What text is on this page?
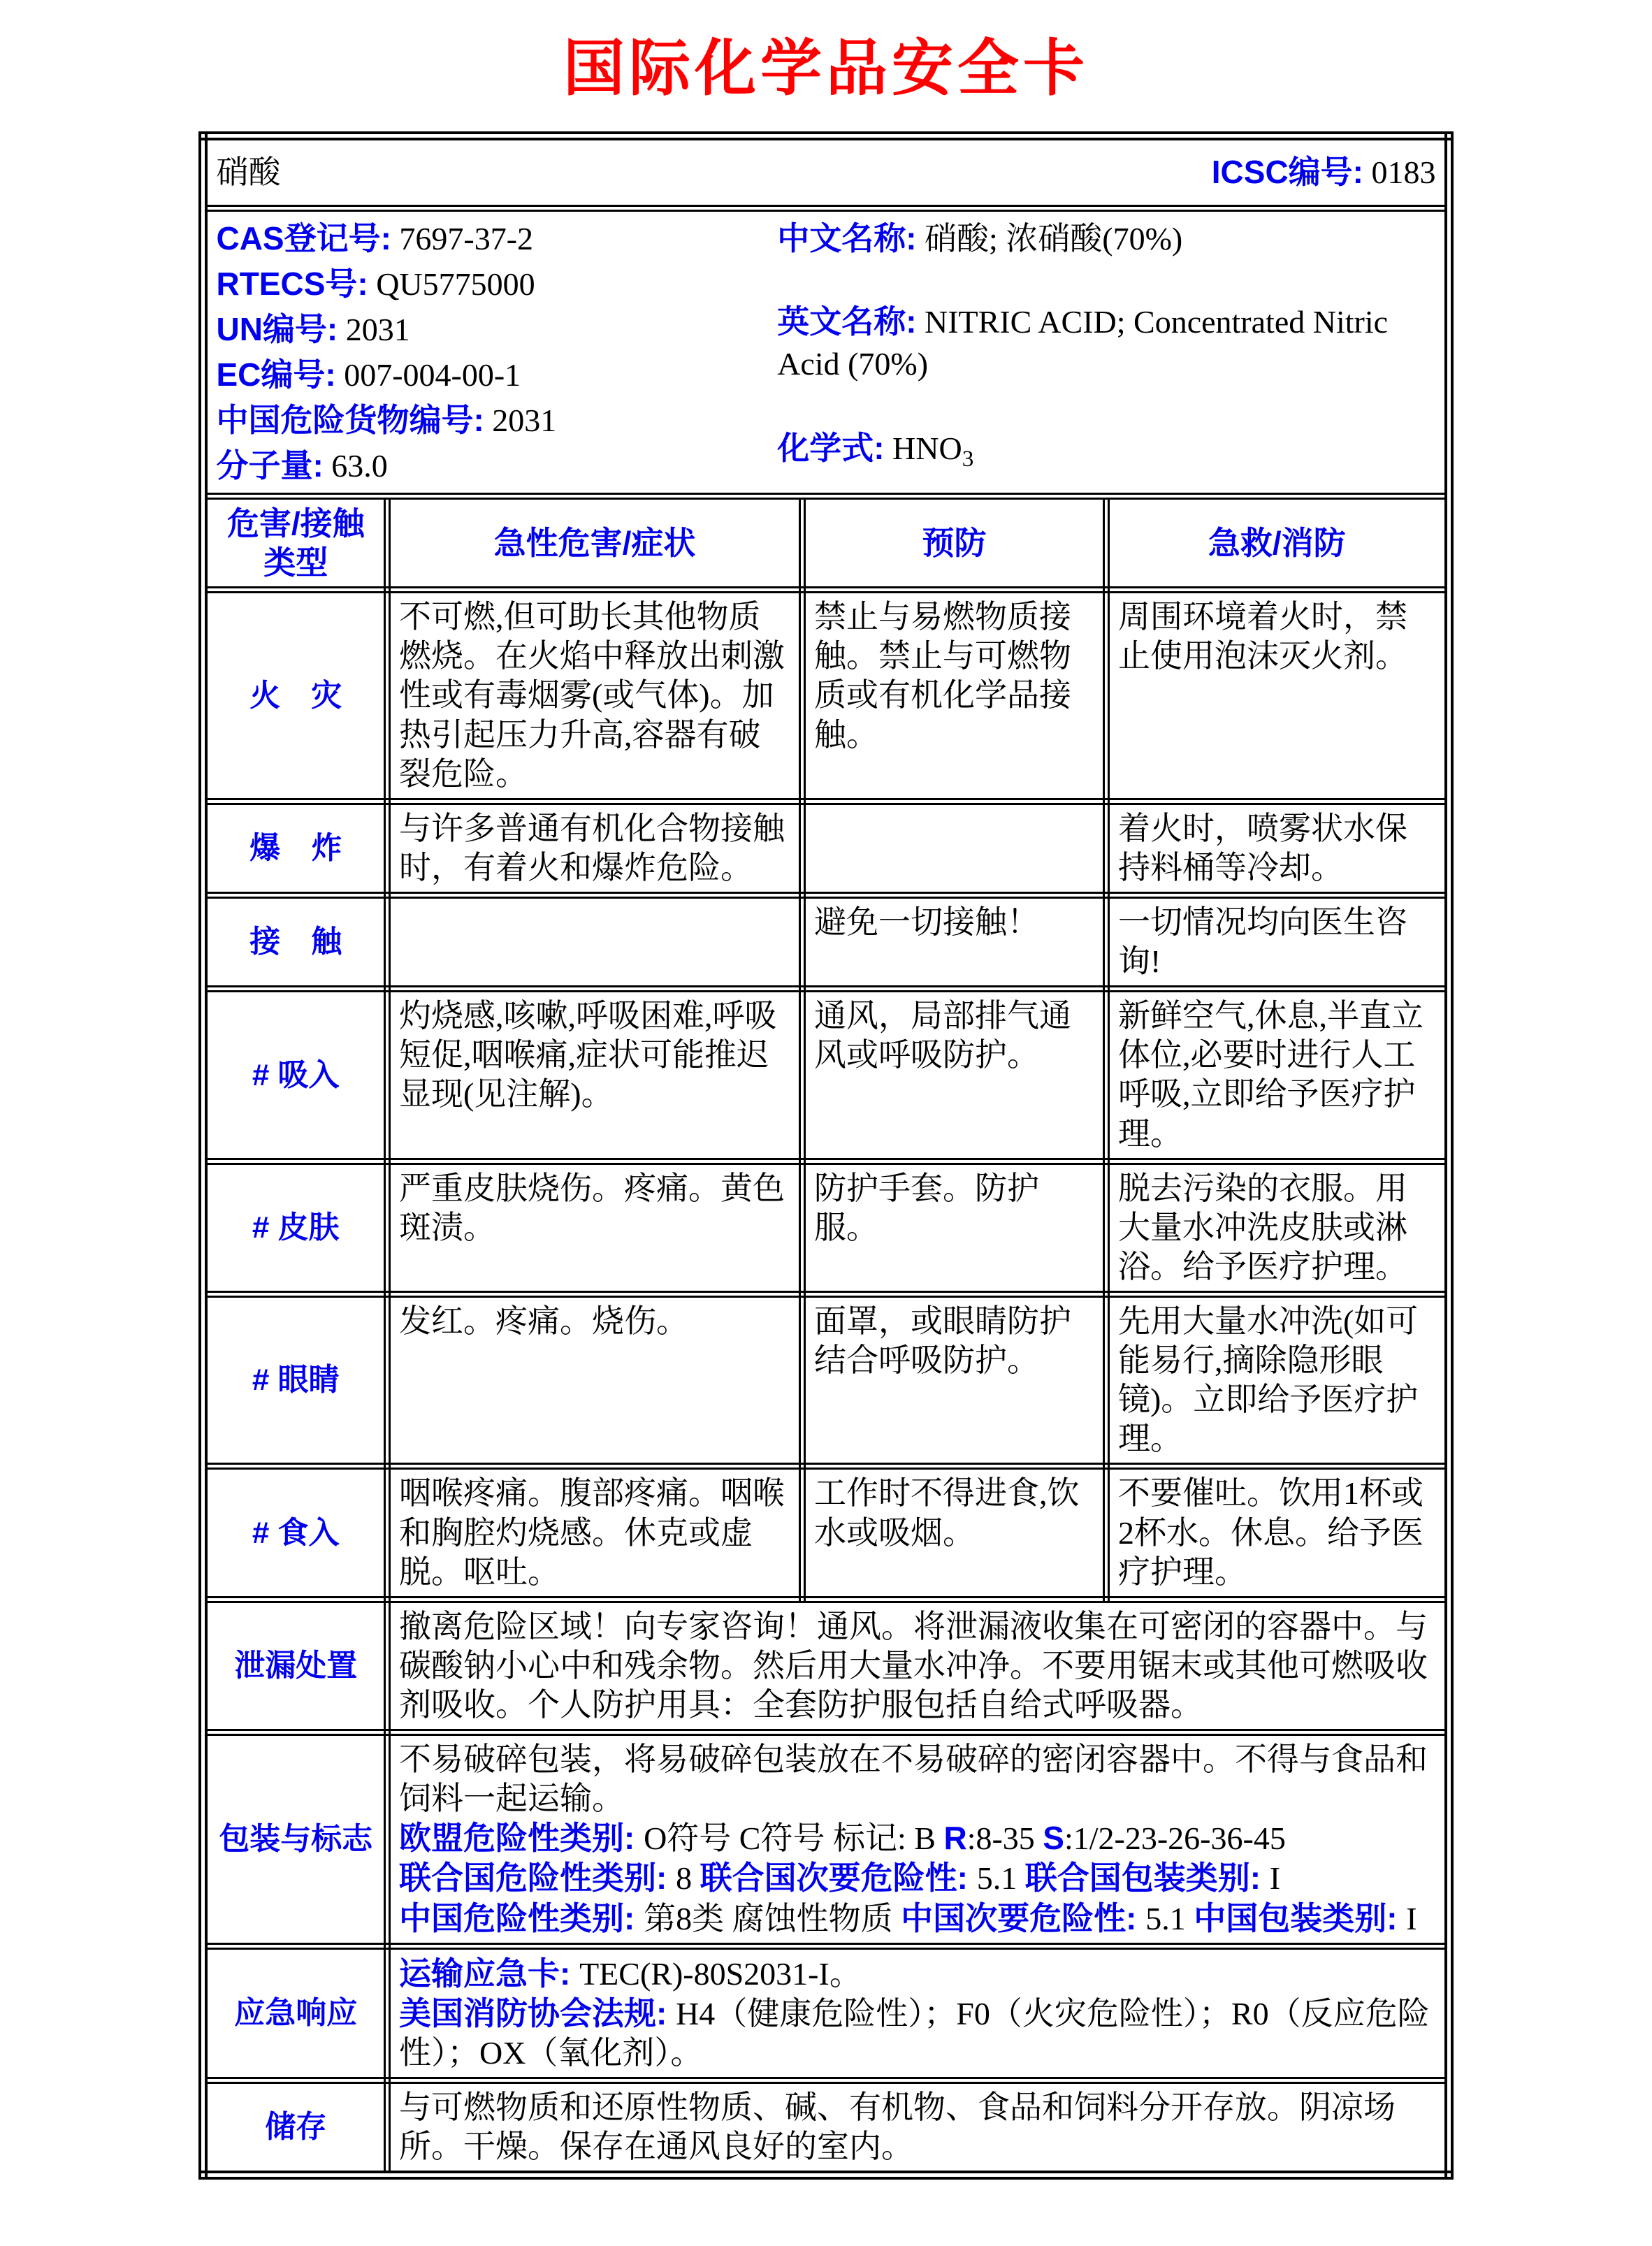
国际化学品安全卡
硝酸 ICSC编号: 0183			

CAS登记号: 7697-37-2
RTECS号: QU5775000
UN编号: 2031
EC编号: 007-004-00-1
中国危险货物编号: 2031
分子量: 63.0
中文名称: 硝酸; 浓硝酸(70%)
英文名称: NITRIC ACID; Concentrated Nitric Acid (70%)
化学式: $HNO_3$

危害/接触类型	急性危害/症状	预防	急救/消防
火　灾	不可燃,但可助长其他物质燃烧。在火焰中释放出刺激性或有毒烟雾(或气体)。加热引起压力升高,容器有破裂危险。	禁止与易燃物质接触。禁止与可燃物质或有机化学品接触。	周围环境着火时，禁止使用泡沫灭火剂。

爆　炸	与许多普通有机化合物接触时，有着火和爆炸危险。		着火时，喷雾状水保持料桶等冷却。

接　触		避免一切接触！	一切情况均向医生咨询!

# 吸入	灼烧感,咳嗽,呼吸困难,呼吸短促,咽喉痛,症状可能推迟显现(见注解)。	通风，局部排气通风或呼吸防护。	新鲜空气,休息,半直立体位,必要时进行人工呼吸,立即给予医疗护理。

# 皮肤	严重皮肤烧伤。疼痛。黄色斑渍。	防护手套。防护服。	脱去污染的衣服。用大量水冲洗皮肤或淋浴。给予医疗护理。

# 眼睛	发红。疼痛。烧伤。	面罩，或眼睛防护结合呼吸防护。	先用大量水冲洗(如可能易行,摘除隐形眼镜)。立即给予医疗护理。

# 食入	咽喉疼痛。腹部疼痛。咽喉和胸腔灼烧感。休克或虚脱。呕吐。	工作时不得进食,饮水或吸烟。	不要催吐。饮用1杯或2杯水。休息。给予医疗护理。

泄漏处置	撤离危险区域！向专家咨询！通风。将泄漏液收集在可密闭的容器中。与碳酸钠小心中和残余物。然后用大量水冲净。不要用锯末或其他可燃吸收剂吸收。个人防护用具：全套防护服包括自给式呼吸器。		

包装与标志	不易破碎包装，将易破碎包装放在不易破碎的密闭容器中。不得与食品和饲料一起运输。
欧盟危险性类别: O符号 C符号 标记: B R:8-35 S:1/2-23-26-36-45
联合国危险性类别: 8 联合国次要危险性: 5.1 联合国包装类别: I
中国危险性类别: 第8类 腐蚀性物质 中国次要危险性: 5.1 中国包装类别: I		

应急响应	运输应急卡: TEC(R)-80S2031-I。
美国消防协会法规: H4（健康危险性）；F0（火灾危险性）；R0（反应危险性）；OX（氧化剂）。		

储存	与可燃物质和还原性物质、碱、有机物、食品和饲料分开存放。阴凉场所。干燥。保存在通风良好的室内。		
